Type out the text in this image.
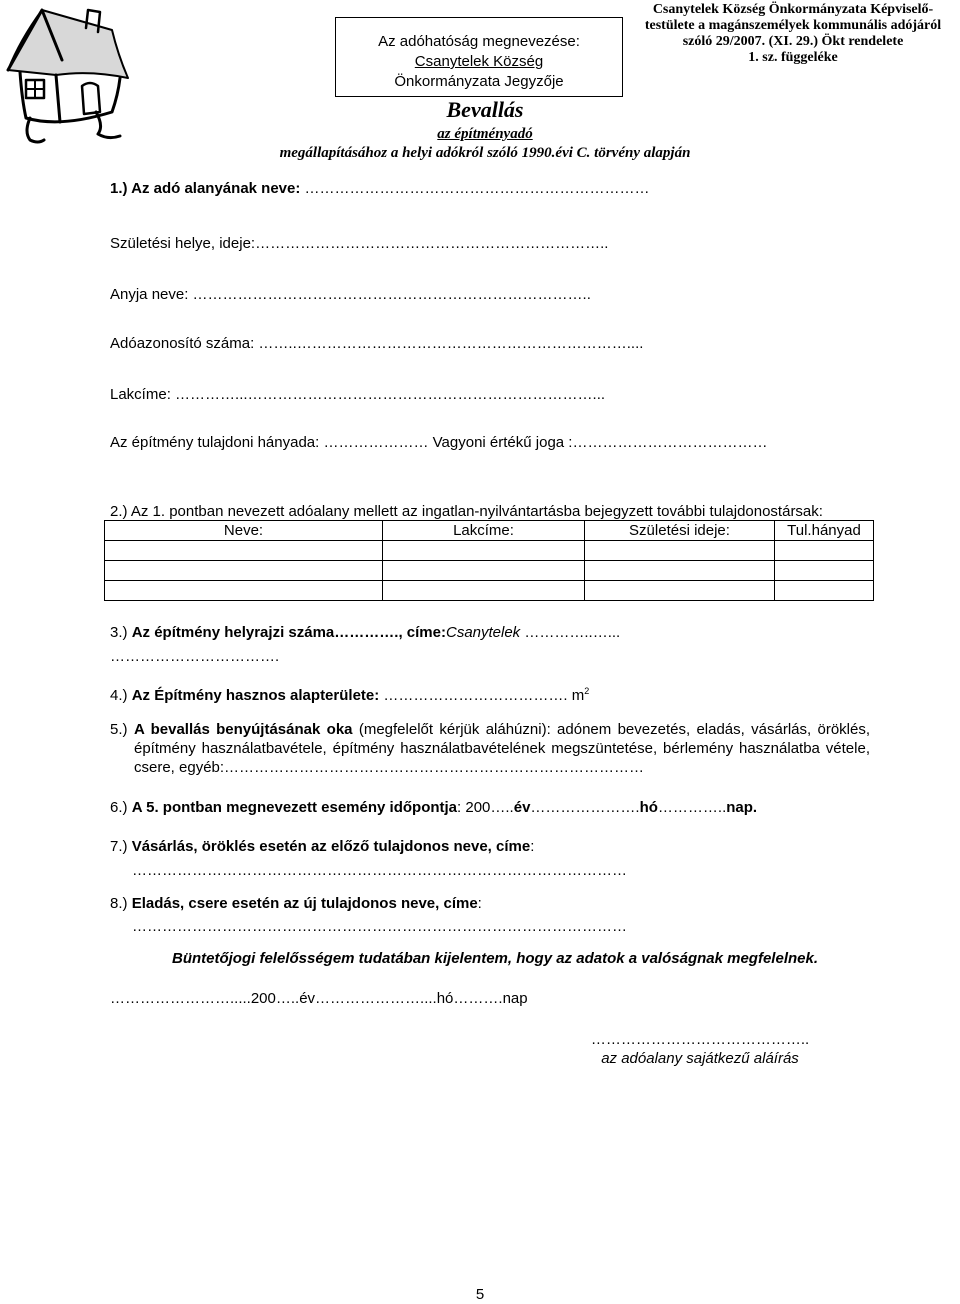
Az adóhatóság megnevezése:
Csanytelek Község
Önkormányzata Jegyzője
Csanytelek Község Önkormányzata Képviselő-
testülete a magánszemélyek kommunális adójáról
szóló 29/2007. (XI. 29.) Ökt rendelete
1. sz. függeléke
Bevallás
az építményadó
megállapításához a helyi adókról szóló 1990.évi C. törvény alapján
1.) Az adó alanyának neve: ……………………………………………………………
Születési helye, ideje:……………………………………………………………..
Anyja neve: ……………………………………………………………………..
Adóazonosító száma: ……..…………………………………………………………....
Lakcíme: …………...……………………………………………………………...
Az építmény tulajdoni hányada: ………………… Vagyoni értékű joga :…………………………………
2.) Az 1. pontban nevezett adóalany mellett az ingatlan-nyilvántartásba bejegyzett további tulajdonostársak:
Neve:	Lakcíme:	Születési ideje:	Tul.hányad

3.) Az építmény helyrajzi száma…………., címe:Csanytelek …………..…...
…………………………….
4.) Az Építmény hasznos alapterülete: ………………………………. $m^2$
5.) A bevallás benyújtásának oka (megfelelőt kérjük aláhúzni): adónem bevezetés, eladás, vásárlás, öröklés, építmény használatbavétele, építmény használatbavételének megszüntetése, bérlemény használatba vétele, csere, egyéb:…………………………………………………………………………
6.) A 5. pontban megnevezett esemény időpontja: 200…..év………………….hó…………..nap.
7.) Vásárlás, öröklés esetén az előző tulajdonos neve, címe:
………………………………………………………………………………………
8.) Eladás, csere esetén az új tulajdonos neve, címe:
………………………………………………………………………………………
Büntetőjogi felelősségem tudatában kijelentem, hogy az adatok a valóságnak megfelelnek.
…………………….....200…..év…………………....hó……….nap
……………………………………..
az adóalany sajátkezű aláírás
5
